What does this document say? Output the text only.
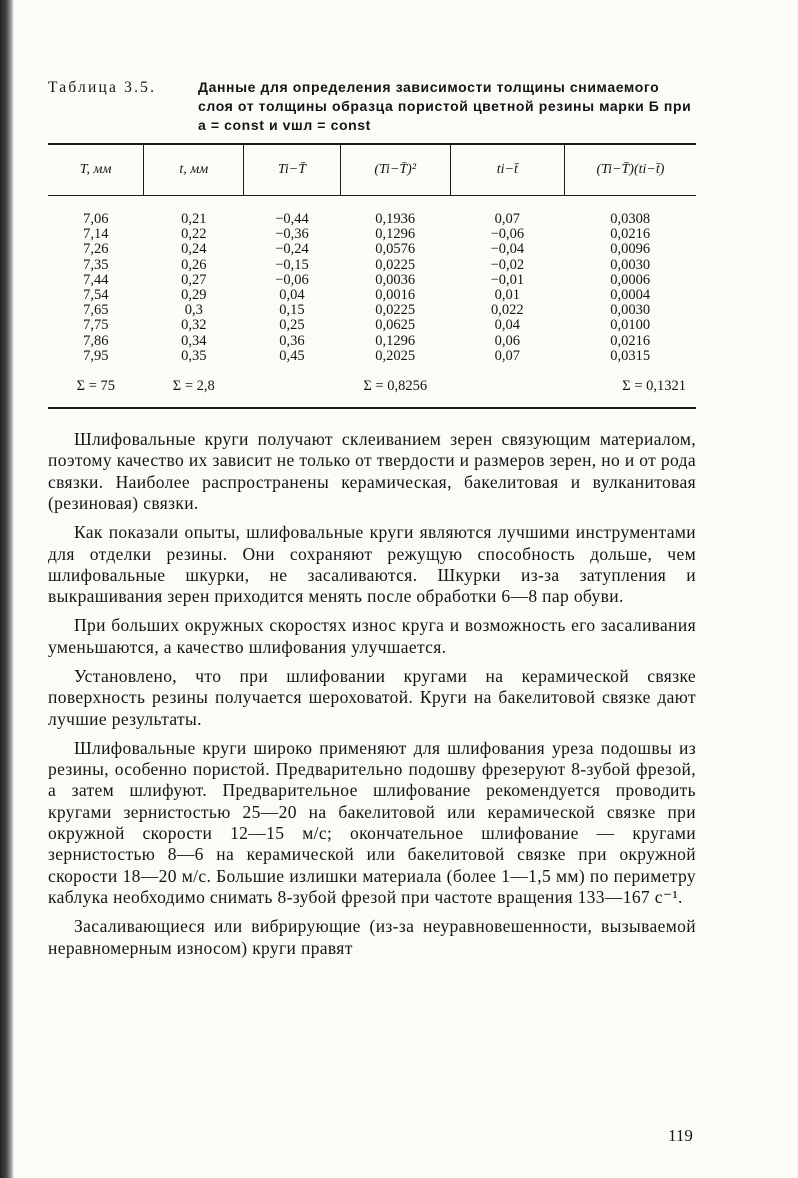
Таблица 3.5.	Данные для определения зависимости толщины снимаемого слоя от толщины образца пористой цветной резины марки Б при a = const и vшл = const
T, мм	t, мм	Ti−T̄	(Ti−T̄)²	ti−t̄	(Ti−T̄)(ti−t̄)
7,06	0,21	−0,44	0,1936	0,07	0,0308
7,14	0,22	−0,36	0,1296	−0,06	0,0216
7,26	0,24	−0,24	0,0576	−0,04	0,0096
7,35	0,26	−0,15	0,0225	−0,02	0,0030
7,44	0,27	−0,06	0,0036	−0,01	0,0006
7,54	0,29	0,04	0,0016	0,01	0,0004
7,65	0,3	0,15	0,0225	0,022	0,0030
7,75	0,32	0,25	0,0625	0,04	0,0100
7,86	0,34	0,36	0,1296	0,06	0,0216
7,95	0,35	0,45	0,2025	0,07	0,0315
Σ = 75	Σ = 2,8		Σ = 0,8256		Σ = 0,1321

Шлифовальные круги получают склеиванием зерен связующим материалом, поэтому качество их зависит не только от твердости и размеров зерен, но и от рода связки. Наиболее распространены керамическая, бакелитовая и вулканитовая (резиновая) связки.

Как показали опыты, шлифовальные круги являются лучшими инструментами для отделки резины. Они сохраняют режущую способность дольше, чем шлифовальные шкурки, не засаливаются. Шкурки из-за затупления и выкрашивания зерен приходится менять после обработки 6—8 пар обуви.

При больших окружных скоростях износ круга и возможность его засаливания уменьшаются, а качество шлифования улучшается.

Установлено, что при шлифовании кругами на керамической связке поверхность резины получается шероховатой. Круги на бакелитовой связке дают лучшие результаты.

Шлифовальные круги широко применяют для шлифования уреза подошвы из резины, особенно пористой. Предварительно подошву фрезеруют 8-зубой фрезой, а затем шлифуют. Предварительное шлифование рекомендуется проводить кругами зернистостью 25—20 на бакелитовой или керамической связке при окружной скорости 12—15 м/с; окончательное шлифование — кругами зернистостью 8—6 на керамической или бакелитовой связке при окружной скорости 18—20 м/с. Большие излишки материала (более 1—1,5 мм) по периметру каблука необходимо снимать 8-зубой фрезой при частоте вращения 133—167 с⁻¹.

Засаливающиеся или вибрирующие (из-за неуравновешенности, вызываемой неравномерным износом) круги правят

119
